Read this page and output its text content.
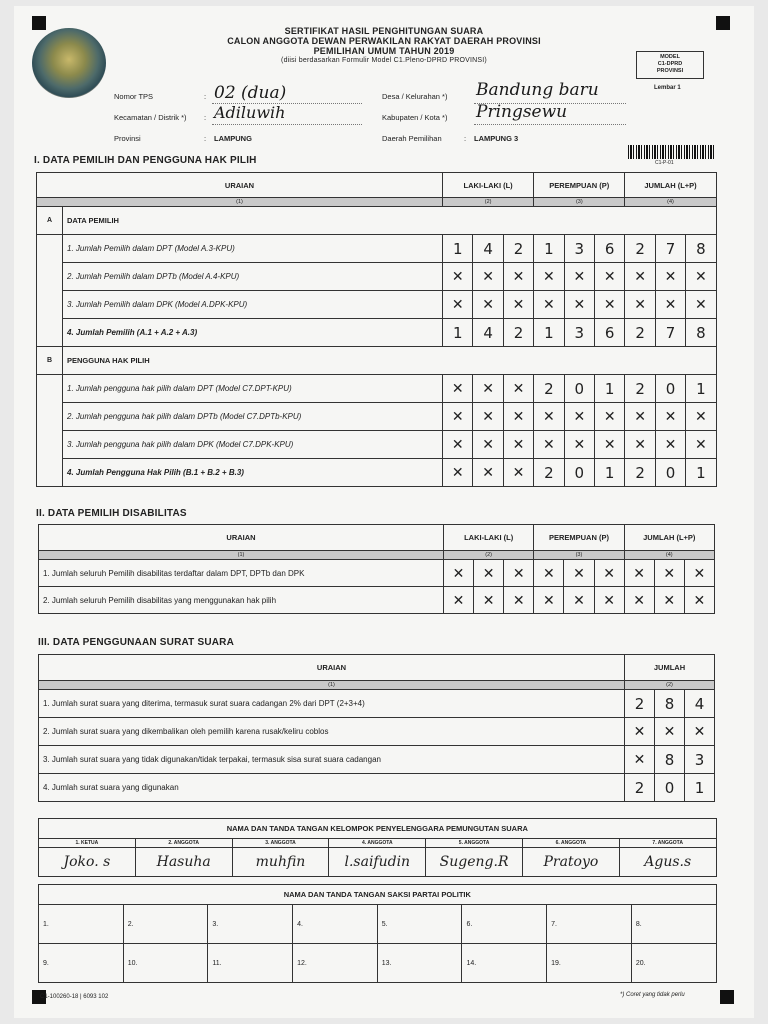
SERTIFIKAT HASIL PENGHITUNGAN SUARA
CALON ANGGOTA DEWAN PERWAKILAN RAKYAT DAERAH PROVINSI
PEMILIHAN UMUM TAHUN 2019
(diisi berdasarkan Formulir Model C1.Pleno-DPRD PROVINSI)	MODEL
C1-DPRD
PROVINSI
Lembar 1
Nomor TPS	: 02 (dua)
Kecamatan / Distrik *) : Adiluwih
Provinsi	: LAMPUNG
Desa / Kelurahan *) Bandung baru
Kabupaten / Kota *) Pringsewu
Daerah Pemilihan	: LAMPUNG 3
C1-P-01
I. DATA PEMILIH DAN PENGGUNA HAK PILIH
URAIAN		LAKI-LAKI (L)			PEREMPUAN (P)			JUMLAH (L+P)		
(1)		(2)			(3)			(4)		
A	DATA PEMILIH									
	1. Jumlah Pemilih dalam DPT (Model A.3-KPU)	1	4	2	1	3	6	2	7	8
	2. Jumlah Pemilih dalam DPTb (Model A.4-KPU)	✕	✕	✕	✕	✕	✕	✕	✕	✕
	3. Jumlah Pemilih dalam DPK (Model A.DPK-KPU)	✕	✕	✕	✕	✕	✕	✕	✕	✕
	4. Jumlah Pemilih (A.1 + A.2 + A.3)	1	4	2	1	3	6	2	7	8
B	PENGGUNA HAK PILIH									
	1. Jumlah pengguna hak pilih dalam DPT (Model C7.DPT-KPU)	✕	✕	✕	2	0	1	2	0	1
	2. Jumlah pengguna hak pilih dalam DPTb (Model C7.DPTb-KPU)	✕	✕	✕	✕	✕	✕	✕	✕	✕
	3. Jumlah pengguna hak pilih dalam DPK (Model C7.DPK-KPU)	✕	✕	✕	✕	✕	✕	✕	✕	✕
	4. Jumlah Pengguna Hak Pilih (B.1 + B.2 + B.3)	✕	✕	✕	2	0	1	2	0	1
II. DATA PEMILIH DISABILITAS
URAIAN	LAKI-LAKI (L)			PEREMPUAN (P)			JUMLAH (L+P)		
(1)	(2)			(3)			(4)		
1. Jumlah seluruh Pemilih disabilitas terdaftar dalam DPT, DPTb dan DPK	✕	✕	✕	✕	✕	✕	✕	✕	✕
2. Jumlah seluruh Pemilih disabilitas yang menggunakan hak pilih	✕	✕	✕	✕	✕	✕	✕	✕	✕
III. DATA PENGGUNAAN SURAT SUARA
URAIAN	JUMLAH		
(1)	(2)		
1. Jumlah surat suara yang diterima, termasuk surat suara cadangan 2% dari DPT (2+3+4)	2	8	4
2. Jumlah surat suara yang dikembalikan oleh pemilih karena rusak/keliru coblos	✕	✕	✕
3. Jumlah surat suara yang tidak digunakan/tidak terpakai, termasuk sisa surat suara cadangan	✕	8	3
4. Jumlah surat suara yang digunakan	2	0	1
NAMA DAN TANDA TANGAN KELOMPOK PENYELENGGARA PEMUNGUTAN SUARA						
1. KETUA	2. ANGGOTA	3. ANGGOTA	4. ANGGOTA	5. ANGGOTA	6. ANGGOTA	7. ANGGOTA
Joko. s	Hasuha	muhfin	l.saifudin	Sugeng.R	Pratoyo	Agus.s
NAMA DAN TANDA TANGAN SAKSI PARTAI POLITIK							
1.	2.	3.	4.	5.	6.	7.	8.
9.	10.	11.	12.	13.	14.	19.	20.
C1-100260-18 | 6093 102	*) Coret yang tidak perlu
